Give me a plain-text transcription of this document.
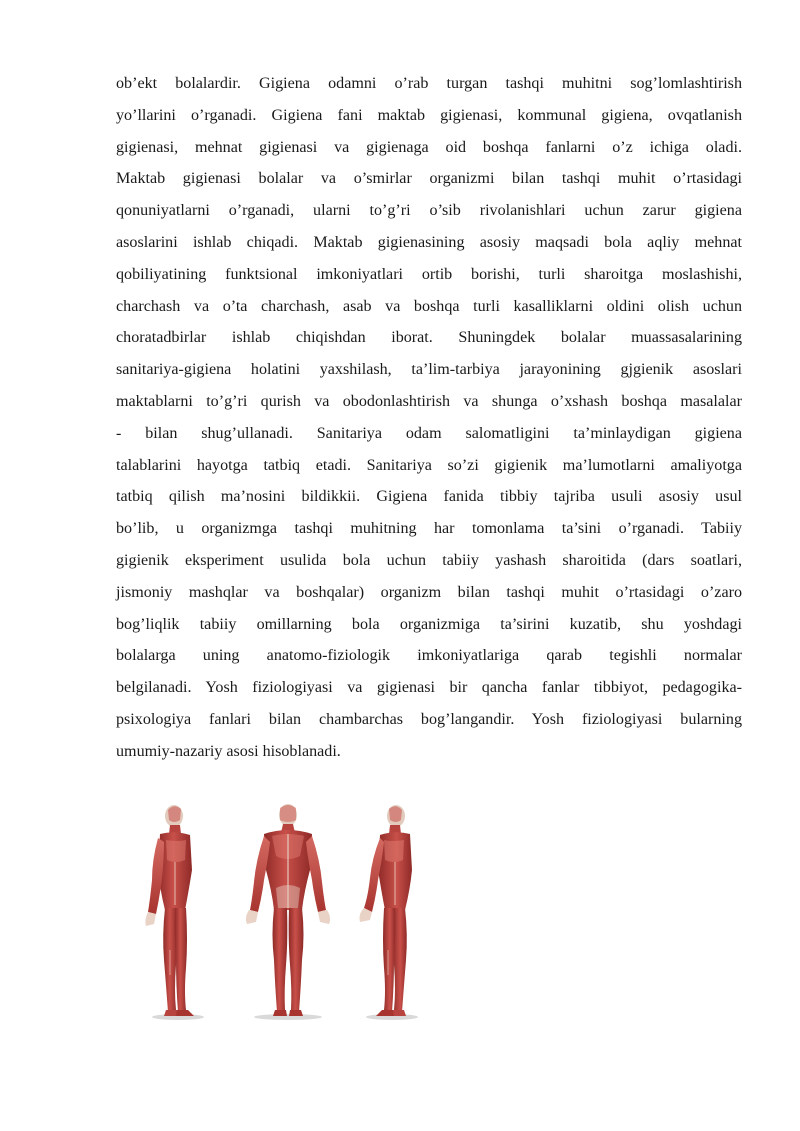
ob’ekt bolalardir. Gigiena odamni o’rab turgan tashqi muhitni sog’lomlashtirish
yo’llarini o’rganadi. Gigiena fani maktab gigienasi, kommunal gigiena, ovqatlanish
gigienasi, mehnat gigienasi va gigienaga oid boshqa fanlarni o’z ichiga oladi.
Maktab gigienasi bolalar va o’smirlar organizmi bilan tashqi muhit o’rtasidagi
qonuniyatlarni o’rganadi, ularni to’g’ri o’sib rivolanishlari uchun zarur gigiena
asoslarini ishlab chiqadi. Maktab gigienasining asosiy maqsadi bola aqliy mehnat
qobiliyatining funktsional imkoniyatlari ortib borishi, turli sharoitga moslashishi,
charchash va o’ta charchash, asab va boshqa turli kasalliklarni oldini olish uchun
choratadbirlar ishlab chiqishdan iborat. Shuningdek bolalar muassasalarining
sanitariya-gigiena holatini yaxshilash, ta’lim-tarbiya jarayonining gjgienik asoslari
maktablarni to’g’ri qurish va obodonlashtirish va shunga o’xshash boshqa masalalar
- bilan shug’ullanadi. Sanitariya odam salomatligini ta’minlaydigan gigiena
talablarini hayotga tatbiq etadi. Sanitariya so’zi gigienik ma’lumotlarni amaliyotga
tatbiq qilish ma’nosini bildikkii. Gigiena fanida tibbiy tajriba usuli asosiy usul
bo’lib, u organizmga tashqi muhitning har tomonlama ta’sini o’rganadi. Tabiiy
gigienik eksperiment usulida bola uchun tabiiy yashash sharoitida (dars soatlari,
jismoniy mashqlar va boshqalar) organizm bilan tashqi muhit o’rtasidagi o’zaro
bog’liqlik tabiiy omillarning bola organizmiga ta’sirini kuzatib, shu yoshdagi
bolalarga uning anatomo-fiziologik imkoniyatlariga qarab tegishli normalar
belgilanadi. Yosh fiziologiyasi va gigienasi bir qancha fanlar tibbiyot, pedagogika-
psixologiya fanlari bilan chambarchas bog’langandir. Yosh fiziologiyasi bularning
umumiy-nazariy asosi hisoblanadi.
